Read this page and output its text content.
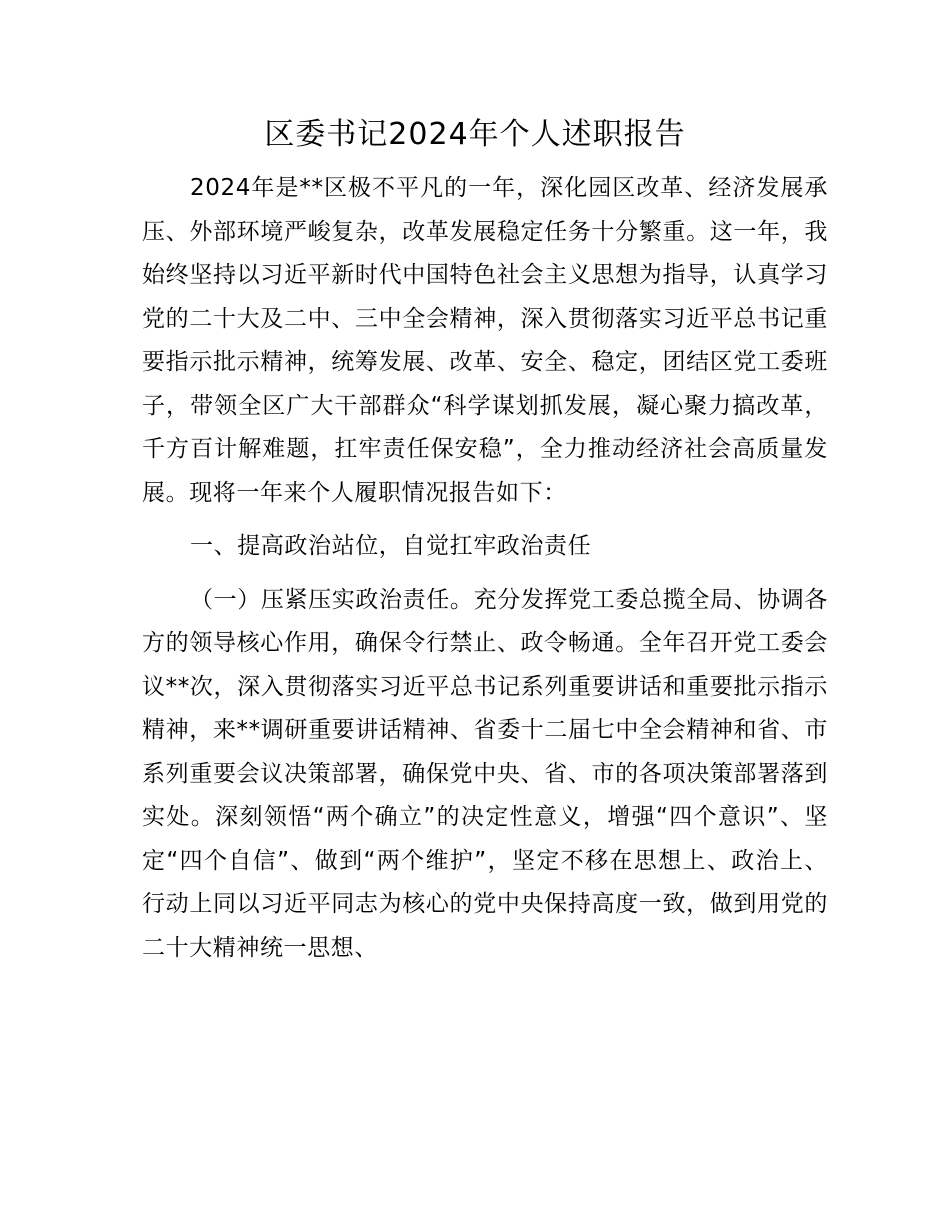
区委书记2024年个人述职报告

2024年是**区极不平凡的一年，深化园区改革、经济发展承压、外部环境严峻复杂，改革发展稳定任务十分繁重。这一年，我始终坚持以习近平新时代中国特色社会主义思想为指导，认真学习党的二十大及二中、三中全会精神，深入贯彻落实习近平总书记重要指示批示精神，统筹发展、改革、安全、稳定，团结区党工委班子，带领全区广大干部群众“科学谋划抓发展，凝心聚力搞改革，千方百计解难题，扛牢责任保安稳”，全力推动经济社会高质量发展。现将一年来个人履职情况报告如下：

一、提高政治站位，自觉扛牢政治责任

（一）压紧压实政治责任。充分发挥党工委总揽全局、协调各方的领导核心作用，确保令行禁止、政令畅通。全年召开党工委会议**次，深入贯彻落实习近平总书记系列重要讲话和重要批示指示精神，来**调研重要讲话精神、省委十二届七中全会精神和省、市系列重要会议决策部署，确保党中央、省、市的各项决策部署落到实处。深刻领悟“两个确立”的决定性意义，增强“四个意识”、坚定“四个自信”、做到“两个维护”，坚定不移在思想上、政治上、行动上同以习近平同志为核心的党中央保持高度一致，做到用党的二十大精神统一思想、
